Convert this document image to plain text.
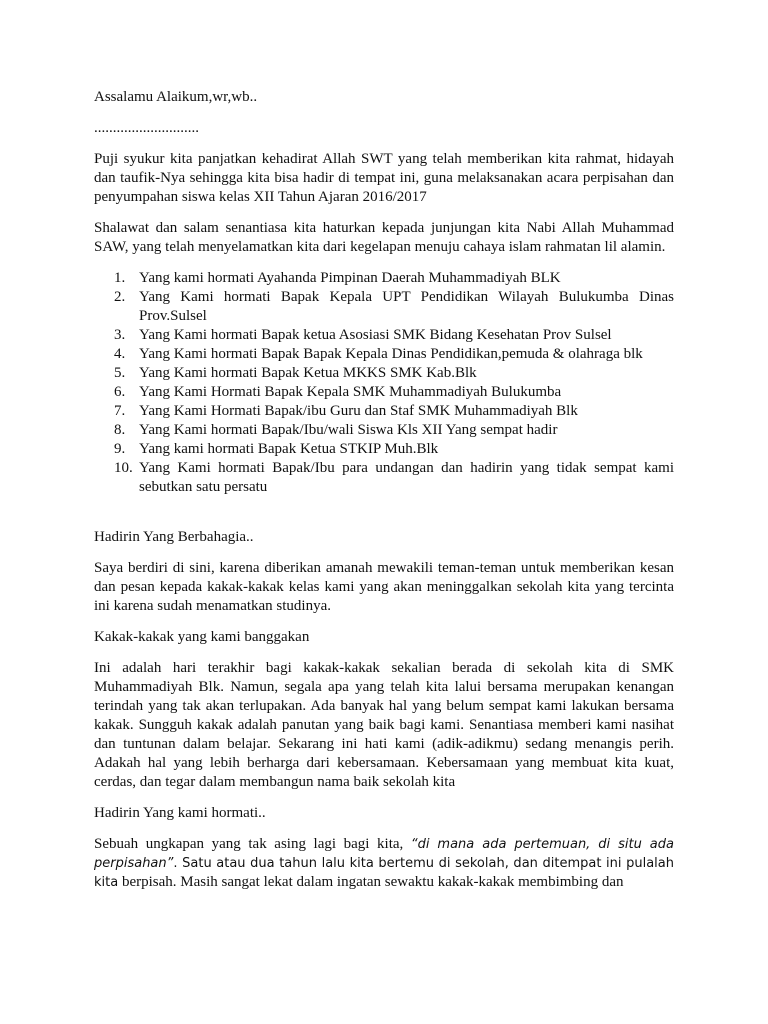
Assalamu Alaikum,wr,wb..

............................

Puji syukur kita panjatkan kehadirat Allah SWT yang telah memberikan kita rahmat, hidayah dan taufik-Nya sehingga kita bisa hadir di tempat ini, guna melaksanakan acara perpisahan dan penyumpahan siswa kelas XII Tahun Ajaran 2016/2017

Shalawat dan salam senantiasa kita haturkan kepada junjungan kita Nabi Allah Muhammad SAW, yang telah menyelamatkan kita dari kegelapan menuju cahaya islam rahmatan lil alamin.

1. Yang kami hormati Ayahanda Pimpinan Daerah Muhammadiyah BLK
2. Yang Kami hormati Bapak Kepala UPT Pendidikan Wilayah Bulukumba Dinas Prov.Sulsel
3. Yang Kami hormati Bapak ketua Asosiasi SMK Bidang Kesehatan Prov Sulsel
4. Yang Kami hormati Bapak Bapak Kepala Dinas Pendidikan,pemuda & olahraga blk
5. Yang Kami hormati Bapak Ketua MKKS SMK Kab.Blk
6. Yang Kami Hormati Bapak Kepala SMK Muhammadiyah Bulukumba
7. Yang Kami Hormati Bapak/ibu Guru dan Staf SMK Muhammadiyah Blk
8. Yang Kami hormati Bapak/Ibu/wali Siswa Kls XII Yang sempat hadir
9. Yang kami hormati Bapak Ketua STKIP Muh.Blk
10. Yang Kami hormati Bapak/Ibu para undangan dan hadirin yang tidak sempat kami sebutkan satu persatu

Hadirin Yang Berbahagia..

Saya berdiri di sini, karena diberikan amanah mewakili teman-teman untuk memberikan kesan dan pesan kepada kakak-kakak kelas kami yang akan meninggalkan sekolah kita yang tercinta ini karena sudah menamatkan studinya.

Kakak-kakak yang kami banggakan

Ini adalah hari terakhir bagi kakak-kakak sekalian berada di sekolah kita di SMK Muhammadiyah Blk. Namun, segala apa yang telah kita lalui bersama merupakan kenangan terindah yang tak akan terlupakan. Ada banyak hal yang belum sempat kami lakukan bersama kakak. Sungguh kakak adalah panutan yang baik bagi kami. Senantiasa memberi kami nasihat dan tuntunan dalam belajar. Sekarang ini hati kami (adik-adikmu) sedang menangis perih. Adakah hal yang lebih berharga dari kebersamaan. Kebersamaan yang membuat kita kuat, cerdas, dan tegar dalam membangun nama baik sekolah kita

Hadirin Yang kami hormati..

Sebuah ungkapan yang tak asing lagi bagi kita, “di mana ada pertemuan, di situ ada perpisahan”. Satu atau dua tahun lalu kita bertemu di sekolah, dan ditempat ini pulalah kita berpisah. Masih sangat lekat dalam ingatan sewaktu kakak-kakak membimbing dan
